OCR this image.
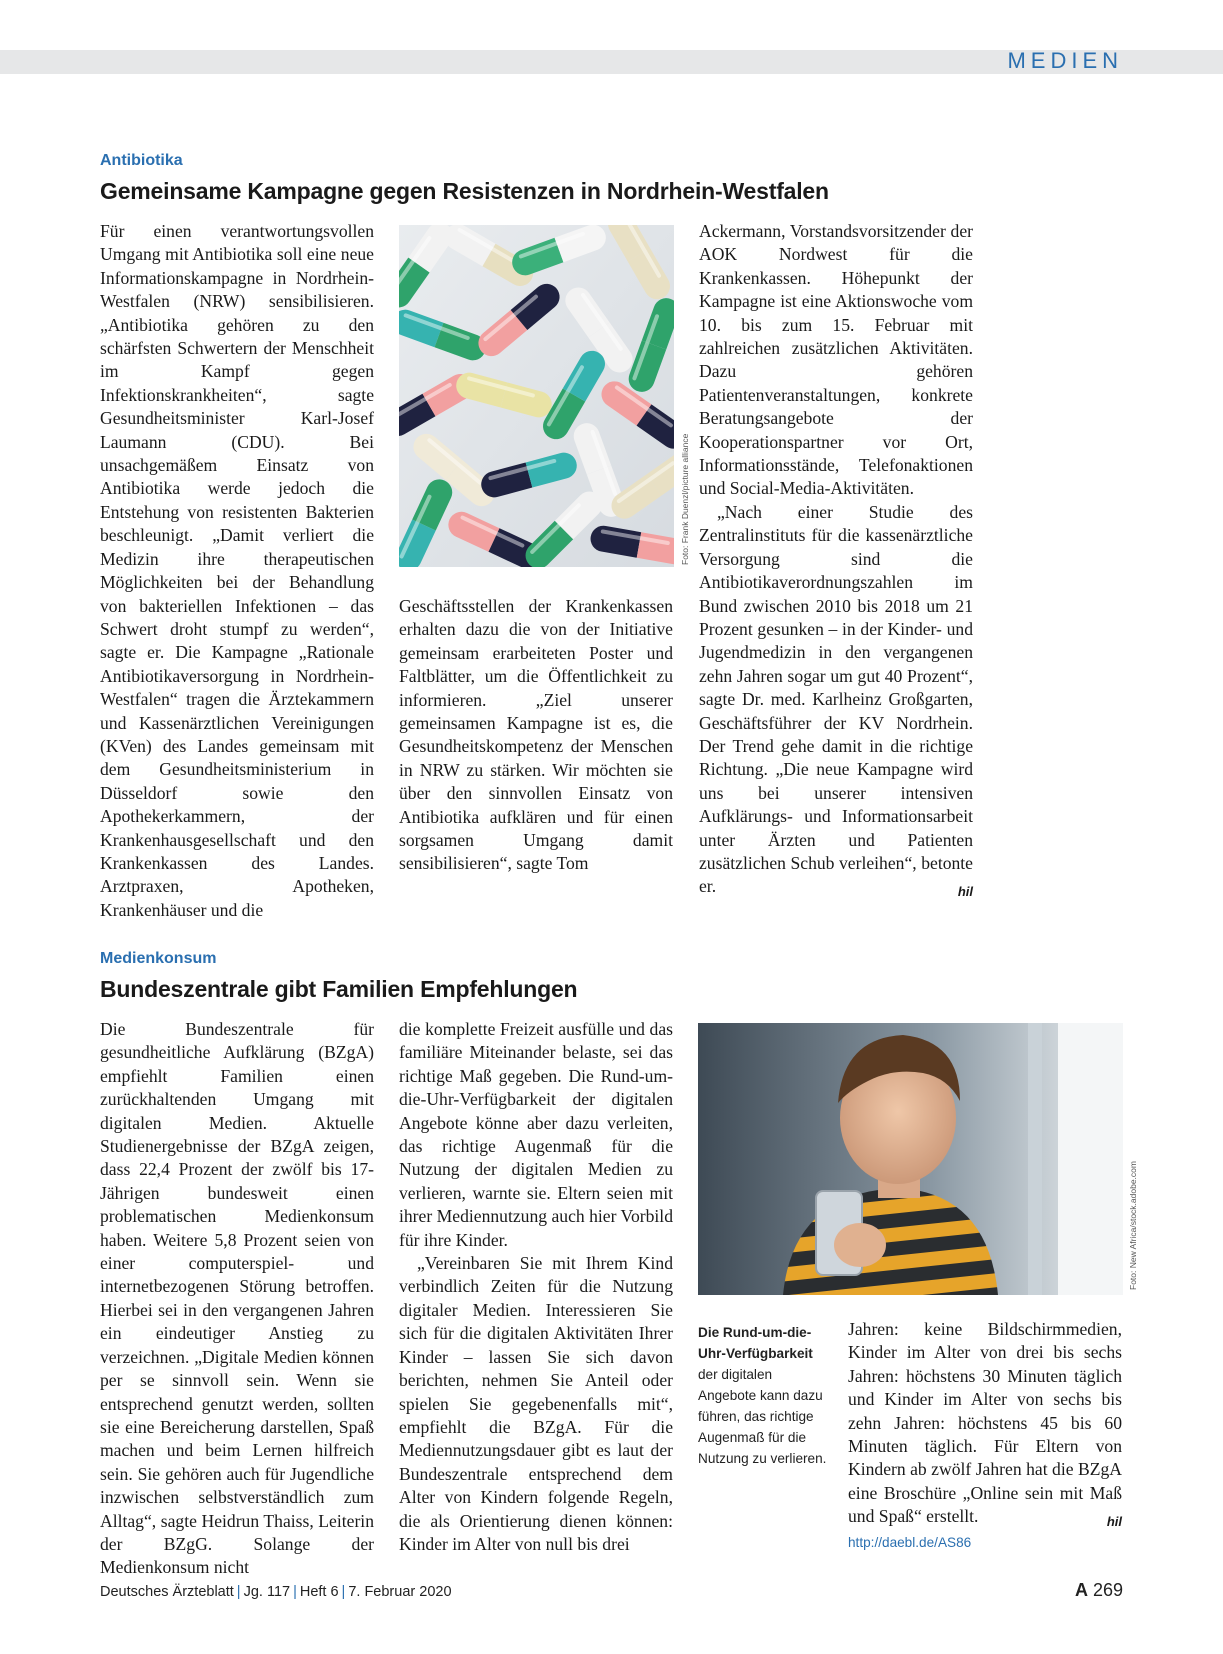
MEDIEN
Antibiotika
Gemeinsame Kampagne gegen Resistenzen in Nordrhein-Westfalen

Für einen verantwortungsvollen Umgang mit Antibiotika soll eine neue Informationskampagne in Nordrhein-Westfalen (NRW) sensibilisieren. „Antibiotika gehören zu den schärfsten Schwertern der Menschheit im Kampf gegen Infektionskrankheiten“, sagte Gesundheitsminister Karl-Josef Laumann (CDU). Bei unsachgemäßem Einsatz von Antibiotika werde jedoch die Entstehung von resistenten Bakterien beschleunigt. „Damit verliert die Medizin ihre therapeutischen Möglichkeiten bei der Behandlung von bakteriellen Infektionen – das Schwert droht stumpf zu werden“, sagte er. Die Kampagne „Rationale Antibiotikaversorgung in Nordrhein-Westfalen“ tragen die Ärztekammern und Kassenärztlichen Vereinigungen (KVen) des Landes gemeinsam mit dem Gesundheitsministerium in Düsseldorf sowie den Apothekerkammern, der Krankenhausgesellschaft und den Krankenkassen des Landes. Arztpraxen, Apotheken, Krankenhäuser und die

Foto: Frank Duenzl/picture alliance

Geschäftsstellen der Krankenkassen erhalten dazu die von der Initiative gemeinsam erarbeiteten Poster und Faltblätter, um die Öffentlichkeit zu informieren. „Ziel unserer gemeinsamen Kampagne ist es, die Gesundheitskompetenz der Menschen in NRW zu stärken. Wir möchten sie über den sinnvollen Einsatz von Antibiotika aufklären und für einen sorgsamen Umgang damit sensibilisieren“, sagte Tom

Ackermann, Vorstandsvorsitzender der AOK Nordwest für die Krankenkassen. Höhepunkt der Kampagne ist eine Aktionswoche vom 10. bis zum 15. Februar mit zahlreichen zusätzlichen Aktivitäten. Dazu gehören Patientenveranstaltungen, konkrete Beratungsangebote der Kooperationspartner vor Ort, Informationsstände, Telefonaktionen und Social-Media-Aktivitäten.

„Nach einer Studie des Zentralinstituts für die kassenärztliche Versorgung sind die Antibiotikaverordnungszahlen im Bund zwischen 2010 bis 2018 um 21 Prozent gesunken – in der Kinder- und Jugendmedizin in den vergangenen zehn Jahren sogar um gut 40 Prozent“, sagte Dr. med. Karlheinz Großgarten, Geschäftsführer der KV Nordrhein. Der Trend gehe damit in die richtige Richtung. „Die neue Kampagne wird uns bei unserer intensiven Aufklärungs- und Informationsarbeit unter Ärzten und Patienten zusätzlichen Schub verleihen“, betonte er.	hil

Medienkonsum
Bundeszentrale gibt Familien Empfehlungen

Die Bundeszentrale für gesundheitliche Aufklärung (BZgA) empfiehlt Familien einen zurückhaltenden Umgang mit digitalen Medien. Aktuelle Studienergebnisse der BZgA zeigen, dass 22,4 Prozent der zwölf bis 17-Jährigen bundesweit einen problematischen Medienkonsum haben. Weitere 5,8 Prozent seien von einer computerspiel- und internetbezogenen Störung betroffen. Hierbei sei in den vergangenen Jahren ein eindeutiger Anstieg zu verzeichnen. „Digitale Medien können per se sinnvoll sein. Wenn sie entsprechend genutzt werden, sollten sie eine Bereicherung darstellen, Spaß machen und beim Lernen hilfreich sein. Sie gehören auch für Jugendliche inzwischen selbstverständlich zum Alltag“, sagte Heidrun Thaiss, Leiterin der BZgG. Solange der Medienkonsum nicht

die komplette Freizeit ausfülle und das familiäre Miteinander belaste, sei das richtige Maß gegeben. Die Rund-um-die-Uhr-Verfügbarkeit der digitalen Angebote könne aber dazu verleiten, das richtige Augenmaß für die Nutzung der digitalen Medien zu verlieren, warnte sie. Eltern seien mit ihrer Mediennutzung auch hier Vorbild für ihre Kinder.

„Vereinbaren Sie mit Ihrem Kind verbindlich Zeiten für die Nutzung digitaler Medien. Interessieren Sie sich für die digitalen Aktivitäten Ihrer Kinder – lassen Sie sich davon berichten, nehmen Sie Anteil oder spielen Sie gegebenenfalls mit“, empfiehlt die BZgA. Für die Mediennutzungsdauer gibt es laut der Bundeszentrale entsprechend dem Alter von Kindern folgende Regeln, die als Orientierung dienen können: Kinder im Alter von null bis drei

Foto: New Africa/stock.adobe.com
Die Rund-um-die-Uhr-Verfügbarkeit
der digitalen Angebote kann dazu führen, das richtige Augenmaß für die Nutzung zu verlieren.

Jahren: keine Bildschirmmedien, Kinder im Alter von drei bis sechs Jahren: höchstens 30 Minuten täglich und Kinder im Alter von sechs bis zehn Jahren: höchstens 45 bis 60 Minuten täglich. Für Eltern von Kindern ab zwölf Jahren hat die BZgA eine Broschüre „Online sein mit Maß und Spaß“ erstellt.	hil

http://daebl.de/AS86
Deutsches Ärzteblatt | Jg. 117 | Heft 6 | 7. Februar 2020	A 269
